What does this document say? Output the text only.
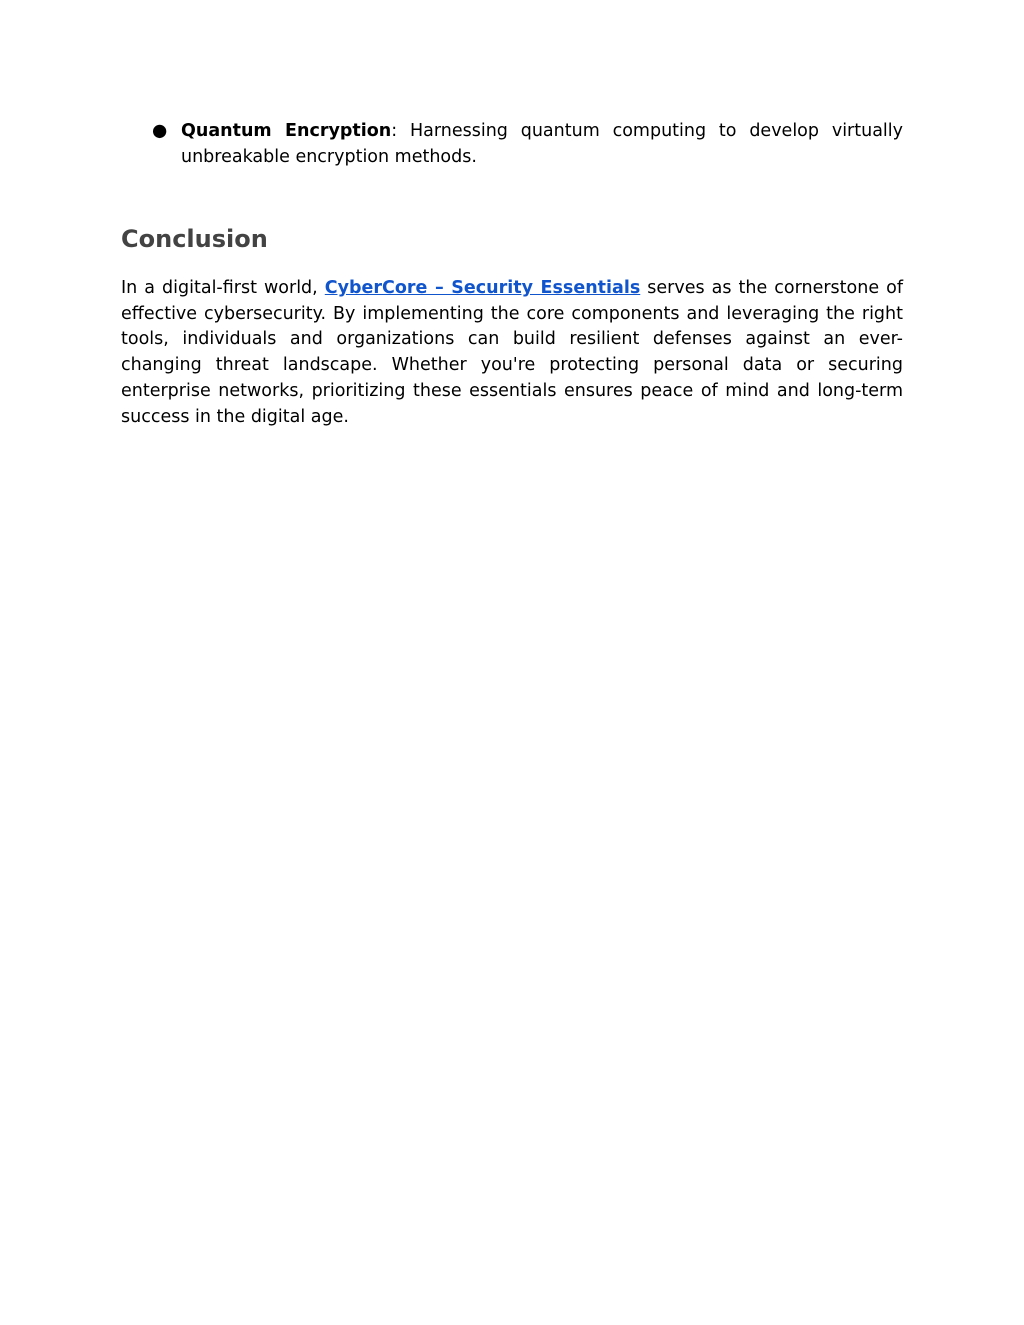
● Quantum Encryption: Harnessing quantum computing to develop virtually unbreakable encryption methods.
Conclusion

In a digital-first world, CyberCore – Security Essentials serves as the cornerstone of effective cybersecurity. By implementing the core components and leveraging the right tools, individuals and organizations can build resilient defenses against an ever-changing threat landscape. Whether you're protecting personal data or securing enterprise networks, prioritizing these essentials ensures peace of mind and long-term success in the digital age.
